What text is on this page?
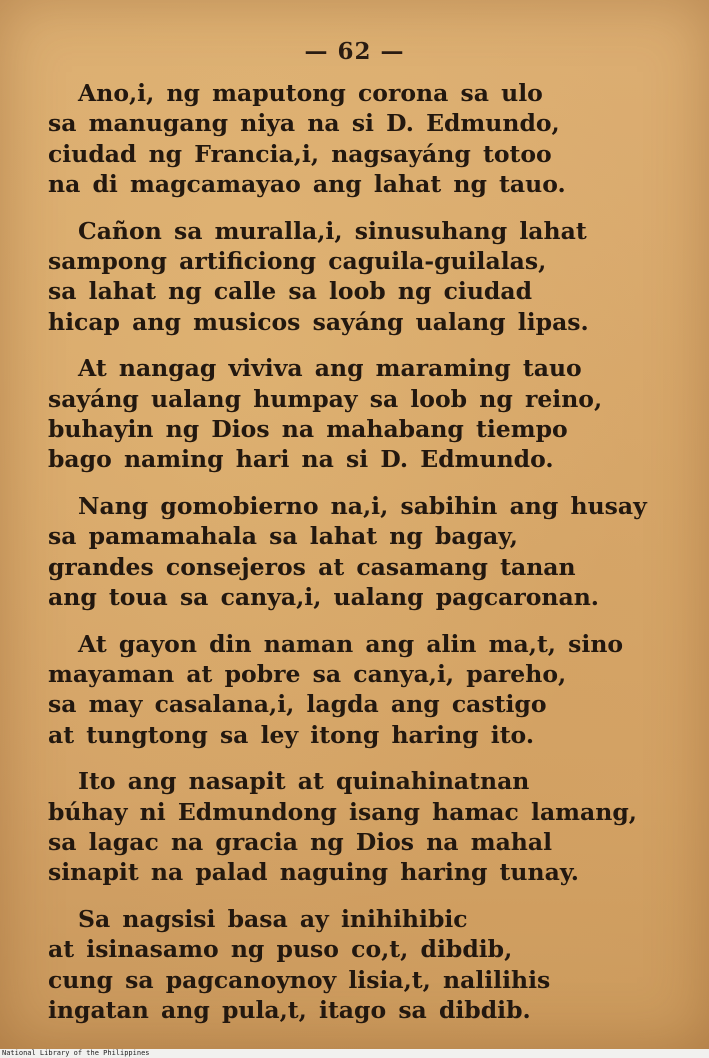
— 62 —
Ano,i, ng maputong corona sa ulo
sa manugang niya na si D. Edmundo,
ciudad ng Francia,i, nagsayáng totoo
na di magcamayao ang lahat ng tauo.
Cañon sa muralla,i, sinusuhang lahat
sampong artificiong caguila-guilalas,
sa lahat ng calle sa loob ng ciudad
hicap ang musicos sayáng ualang lipas.
At nangag viviva ang maraming tauo
sayáng ualang humpay sa loob ng reino,
buhayin ng Dios na mahabang tiempo
bago naming hari na si D. Edmundo.
Nang gomobierno na,i, sabihin ang husay
sa pamamahala sa lahat ng bagay,
grandes consejeros at casamang tanan
ang toua sa canya,i, ualang pagcaronan.
At gayon din naman ang alin ma,t, sino
mayaman at pobre sa canya,i, pareho,
sa may casalana,i, lagda ang castigo
at tungtong sa ley itong haring ito.
Ito ang nasapit at quinahinatnan
búhay ni Edmundong isang hamac lamang,
sa lagac na gracia ng Dios na mahal
sinapit na palad naguing haring tunay.
Sa nagsisi basa ay inihihibic
at isinasamo ng puso co,t, dibdib,
cung sa pagcanoynoy lisia,t, nalilihis
ingatan ang pula,t, itago sa dibdib.
National Library of the Philippines
